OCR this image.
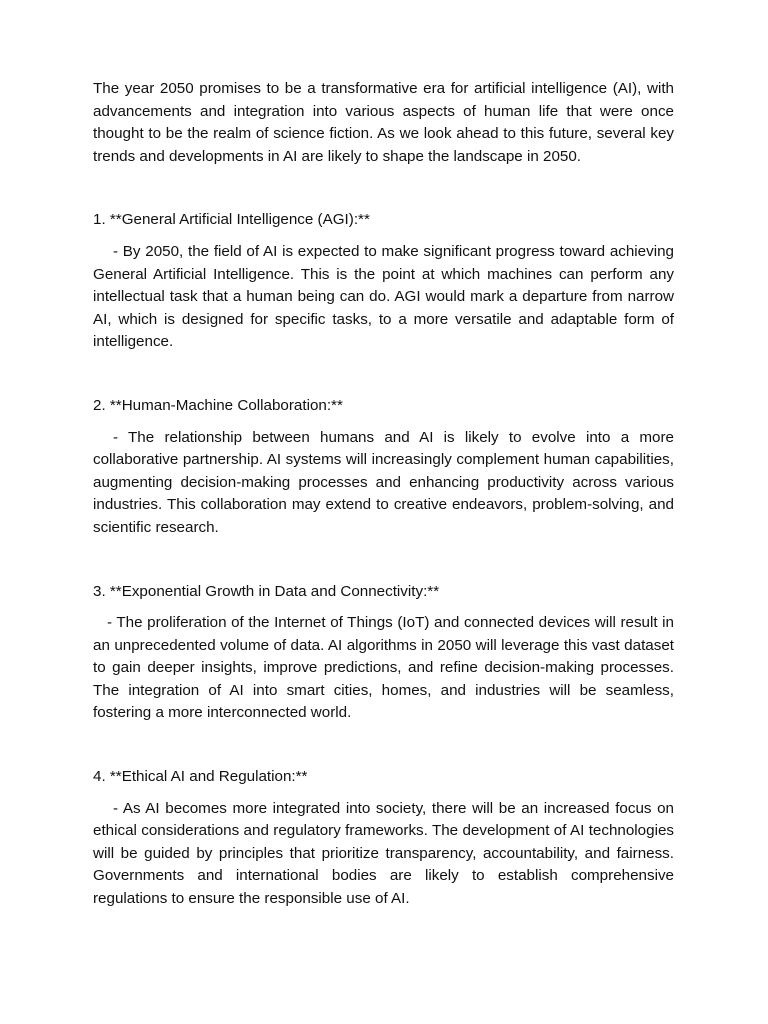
The year 2050 promises to be a transformative era for artificial intelligence (AI), with advancements and integration into various aspects of human life that were once thought to be the realm of science fiction. As we look ahead to this future, several key trends and developments in AI are likely to shape the landscape in 2050.

1. **General Artificial Intelligence (AGI):**

- By 2050, the field of AI is expected to make significant progress toward achieving General Artificial Intelligence. This is the point at which machines can perform any intellectual task that a human being can do. AGI would mark a departure from narrow AI, which is designed for specific tasks, to a more versatile and adaptable form of intelligence.

2. **Human-Machine Collaboration:**

- The relationship between humans and AI is likely to evolve into a more collaborative partnership. AI systems will increasingly complement human capabilities, augmenting decision-making processes and enhancing productivity across various industries. This collaboration may extend to creative endeavors, problem-solving, and scientific research.

3. **Exponential Growth in Data and Connectivity:**

- The proliferation of the Internet of Things (IoT) and connected devices will result in an unprecedented volume of data. AI algorithms in 2050 will leverage this vast dataset to gain deeper insights, improve predictions, and refine decision-making processes. The integration of AI into smart cities, homes, and industries will be seamless, fostering a more interconnected world.

4. **Ethical AI and Regulation:**

- As AI becomes more integrated into society, there will be an increased focus on ethical considerations and regulatory frameworks. The development of AI technologies will be guided by principles that prioritize transparency, accountability, and fairness. Governments and international bodies are likely to establish comprehensive regulations to ensure the responsible use of AI.
